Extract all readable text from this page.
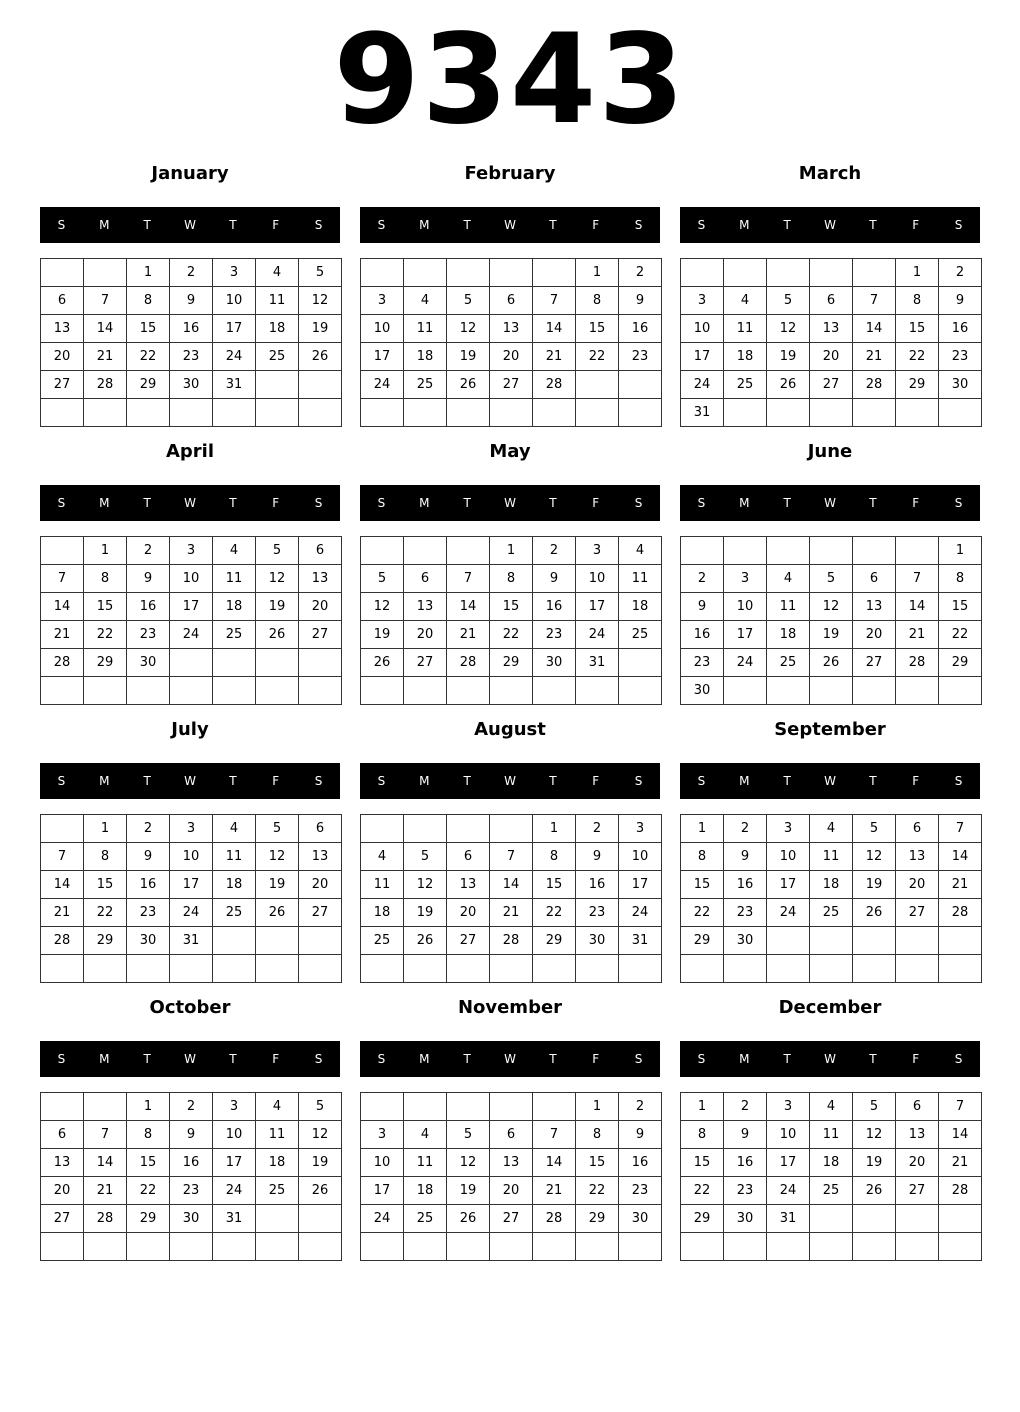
9343
January
S	M	T	W	T	F	S
		1	2	3	4	5
6	7	8	9	10	11	12
13	14	15	16	17	18	19
20	21	22	23	24	25	26
27	28	29	30	31		

February
S	M	T	W	T	F	S
					1	2
3	4	5	6	7	8	9
10	11	12	13	14	15	16
17	18	19	20	21	22	23
24	25	26	27	28		

March
S	M	T	W	T	F	S
					1	2
3	4	5	6	7	8	9
10	11	12	13	14	15	16
17	18	19	20	21	22	23
24	25	26	27	28	29	30
31						
April
S	M	T	W	T	F	S
	1	2	3	4	5	6
7	8	9	10	11	12	13
14	15	16	17	18	19	20
21	22	23	24	25	26	27
28	29	30				

May
S	M	T	W	T	F	S
			1	2	3	4
5	6	7	8	9	10	11
12	13	14	15	16	17	18
19	20	21	22	23	24	25
26	27	28	29	30	31	

June
S	M	T	W	T	F	S
						1
2	3	4	5	6	7	8
9	10	11	12	13	14	15
16	17	18	19	20	21	22
23	24	25	26	27	28	29
30						
July
S	M	T	W	T	F	S
	1	2	3	4	5	6
7	8	9	10	11	12	13
14	15	16	17	18	19	20
21	22	23	24	25	26	27
28	29	30	31			

August
S	M	T	W	T	F	S
				1	2	3
4	5	6	7	8	9	10
11	12	13	14	15	16	17
18	19	20	21	22	23	24
25	26	27	28	29	30	31

September
S	M	T	W	T	F	S
1	2	3	4	5	6	7
8	9	10	11	12	13	14
15	16	17	18	19	20	21
22	23	24	25	26	27	28
29	30					

October
S	M	T	W	T	F	S
		1	2	3	4	5
6	7	8	9	10	11	12
13	14	15	16	17	18	19
20	21	22	23	24	25	26
27	28	29	30	31		

November
S	M	T	W	T	F	S
					1	2
3	4	5	6	7	8	9
10	11	12	13	14	15	16
17	18	19	20	21	22	23
24	25	26	27	28	29	30

December
S	M	T	W	T	F	S
1	2	3	4	5	6	7
8	9	10	11	12	13	14
15	16	17	18	19	20	21
22	23	24	25	26	27	28
29	30	31				
